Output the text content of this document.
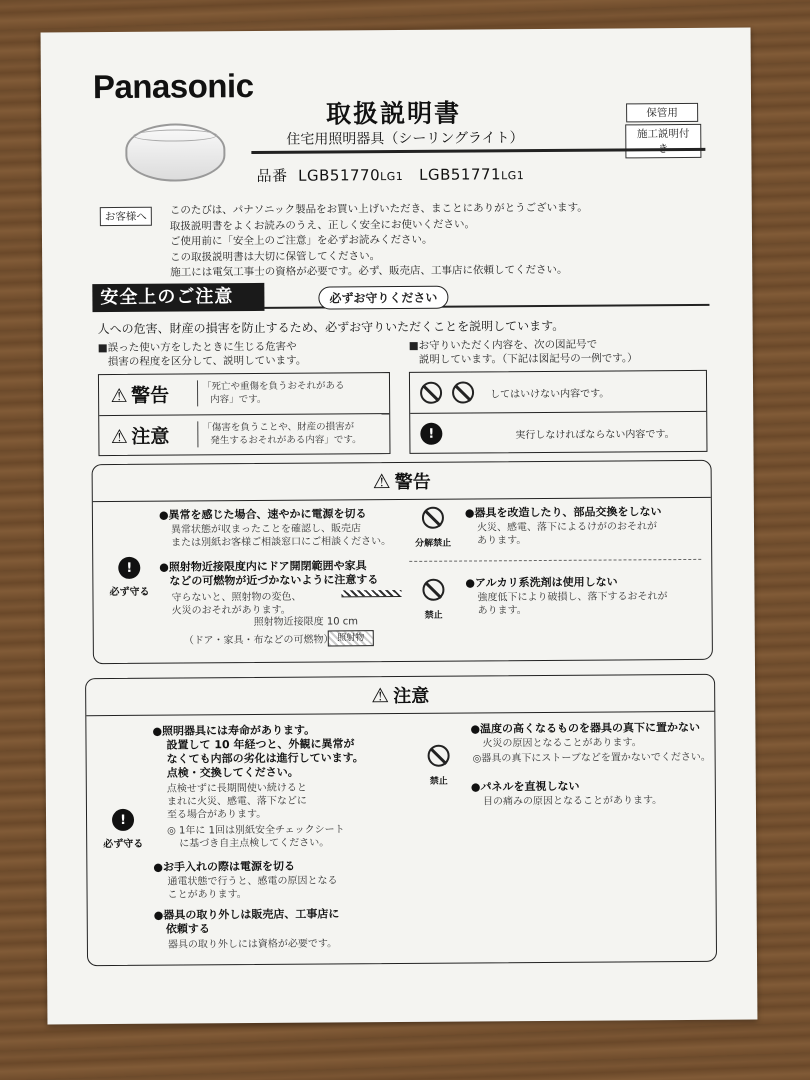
Panasonic
取扱説明書	保管用
施工説明付き
住宅用照明器具（シーリングライト）
品番 LGB51770LG1 LGB51771LG1
お客様へ
このたびは、パナソニック製品をお買い上げいただき、まことにありがとうございます。
取扱説明書をよくお読みのうえ、正しく安全にお使いください。
ご使用前に「安全上のご注意」を必ずお読みください。
この取扱説明書は大切に保管してください。
施工には電気工事士の資格が必要です。必ず、販売店、工事店に依頼してください。
安全上のご注意	必ずお守りください
人への危害、財産の損害を防止するため、必ずお守りいただくことを説明しています。
■誤った使い方をしたときに生じる危害や
損害の程度を区分して、説明しています。
■お守りいただく内容を、次の図記号で
説明しています。（下記は図記号の一例です。）
⚠ 警告	「死亡や重傷を負うおそれがある
内容」です。
⚠ 注意	「傷害を負うことや、財産の損害が
発生するおそれがある内容」です。
してはいけない内容です。
!	実行しなければならない内容です。
⚠ 警告
!
必ず守る
●異常を感じた場合、速やかに電源を切る
異常状態が収まったことを確認し、販売店
または別紙お客様ご相談窓口にご相談ください。
●照射物近接限度内にドア開閉範囲や家具
などの可燃物が近づかないように注意する
守らないと、照射物の変色、
火災のおそれがあります。
照射物
照射物近接限度 10 cm
（ドア・家具・布などの可燃物）
分解禁止
●器具を改造したり、部品交換をしない
火災、感電、落下によるけがのおそれが
あります。
禁止
●アルカリ系洗剤は使用しない
強度低下により破損し、落下するおそれが
あります。
⚠ 注意
!
必ず守る
●照明器具には寿命があります。
設置して 10 年経つと、外観に異常が
なくても内部の劣化は進行しています。
点検・交換してください。
点検せずに長期間使い続けると
まれに火災、感電、落下などに
至る場合があります。
◎ 1年に 1回は別紙安全チェックシート
に基づき自主点検してください。
●お手入れの際は電源を切る
通電状態で行うと、感電の原因となる
ことがあります。
●器具の取り外しは販売店、工事店に
依頼する
器具の取り外しには資格が必要です。
禁止
●温度の高くなるものを器具の真下に置かない
火災の原因となることがあります。
◎器具の真下にストーブなどを置かないでください。
●パネルを直視しない
目の痛みの原因となることがあります。
